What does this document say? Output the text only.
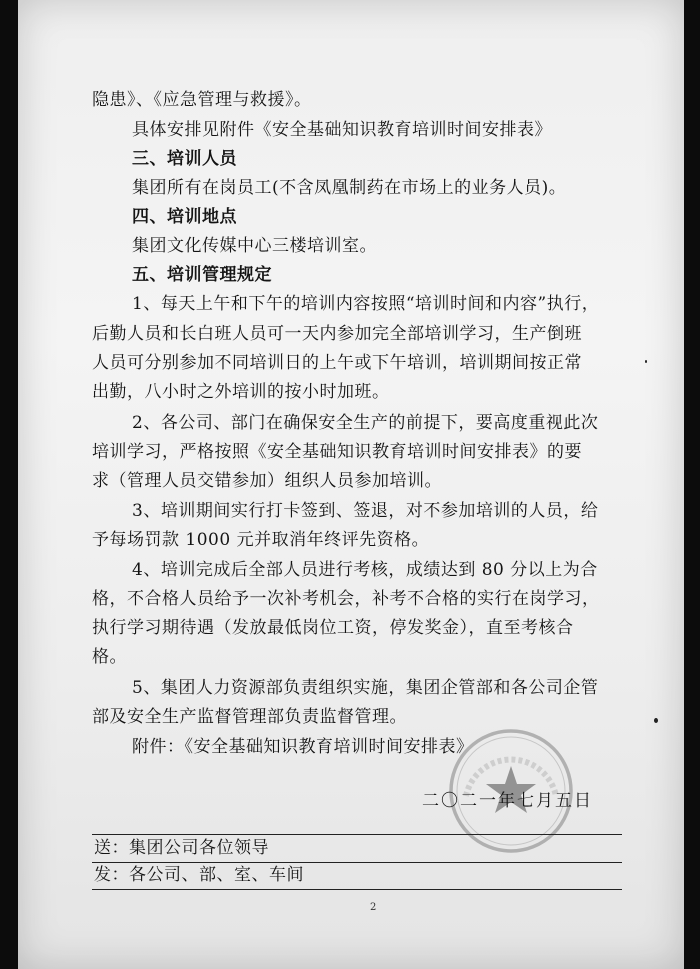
隐患》、《应急管理与救援》。
具体安排见附件《安全基础知识教育培训时间安排表》
三、培训人员
集团所有在岗员工(不含凤凰制药在市场上的业务人员)。
四、培训地点
集团文化传媒中心三楼培训室。
五、培训管理规定
1、每天上午和下午的培训内容按照“培训时间和内容”执行，
后勤人员和长白班人员可一天内参加完全部培训学习，生产倒班
人员可分别参加不同培训日的上午或下午培训，培训期间按正常
出勤，八小时之外培训的按小时加班。
2、各公司、部门在确保安全生产的前提下，要高度重视此次
培训学习，严格按照《安全基础知识教育培训时间安排表》的要
求（管理人员交错参加）组织人员参加培训。
3、培训期间实行打卡签到、签退，对不参加培训的人员，给
予每场罚款 1000 元并取消年终评先资格。
4、培训完成后全部人员进行考核，成绩达到 80 分以上为合
格，不合格人员给予一次补考机会，补考不合格的实行在岗学习，
执行学习期待遇（发放最低岗位工资，停发奖金），直至考核合
格。
5、集团人力资源部负责组织实施，集团企管部和各公司企管
部及安全生产监督管理部负责监督管理。
附件：《安全基础知识教育培训时间安排表》
二〇二一年七月五日
送：集团公司各位领导
发：各公司、部、室、车间
2
